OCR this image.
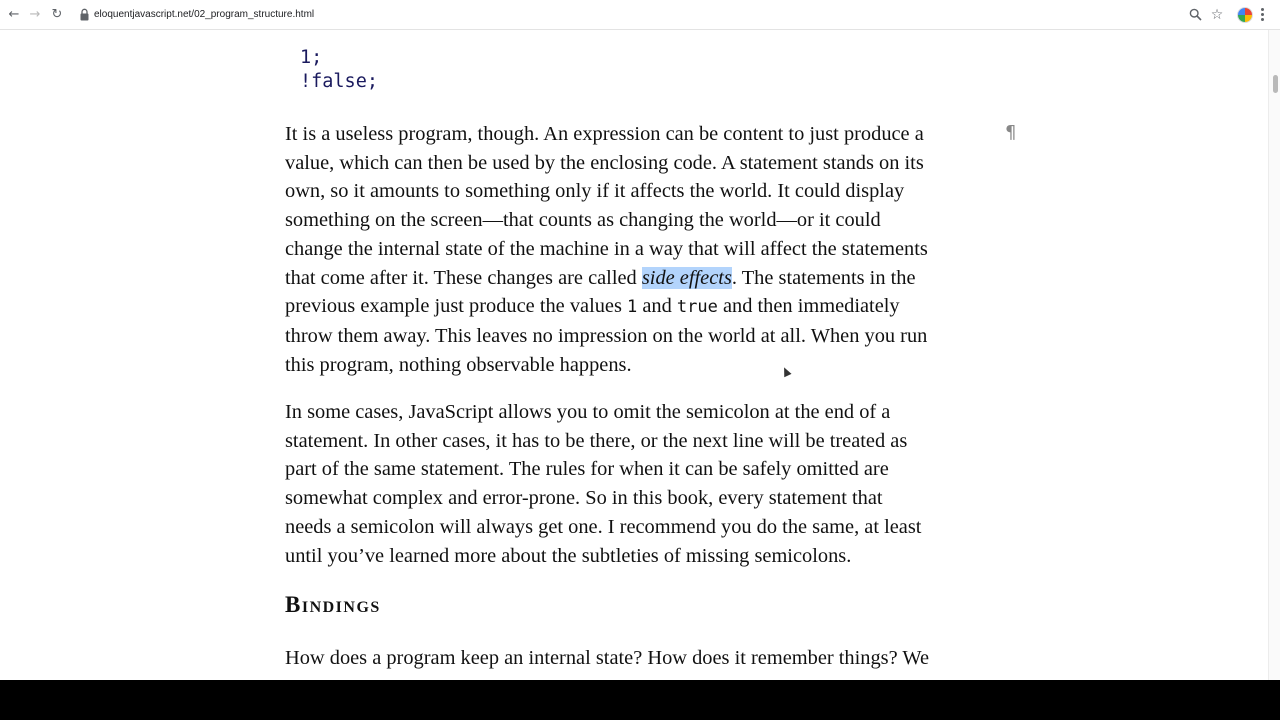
← → ↻	eloquentjavascript.net/02_program_structure.html	☆
1;
!false;
¶
It is a useless program, though. An expression can be content to just produce a
value, which can then be used by the enclosing code. A statement stands on its
own, so it amounts to something only if it affects the world. It could display
something on the screen—that counts as changing the world—or it could
change the internal state of the machine in a way that will affect the statements
that come after it. These changes are called side effects. The statements in the
previous example just produce the values 1 and true and then immediately
throw them away. This leaves no impression on the world at all. When you run
this program, nothing observable happens.
In some cases, JavaScript allows you to omit the semicolon at the end of a
statement. In other cases, it has to be there, or the next line will be treated as
part of the same statement. The rules for when it can be safely omitted are
somewhat complex and error-prone. So in this book, every statement that
needs a semicolon will always get one. I recommend you do the same, at least
until you’ve learned more about the subtleties of missing semicolons.
Bindings
How does a program keep an internal state? How does it remember things? We
